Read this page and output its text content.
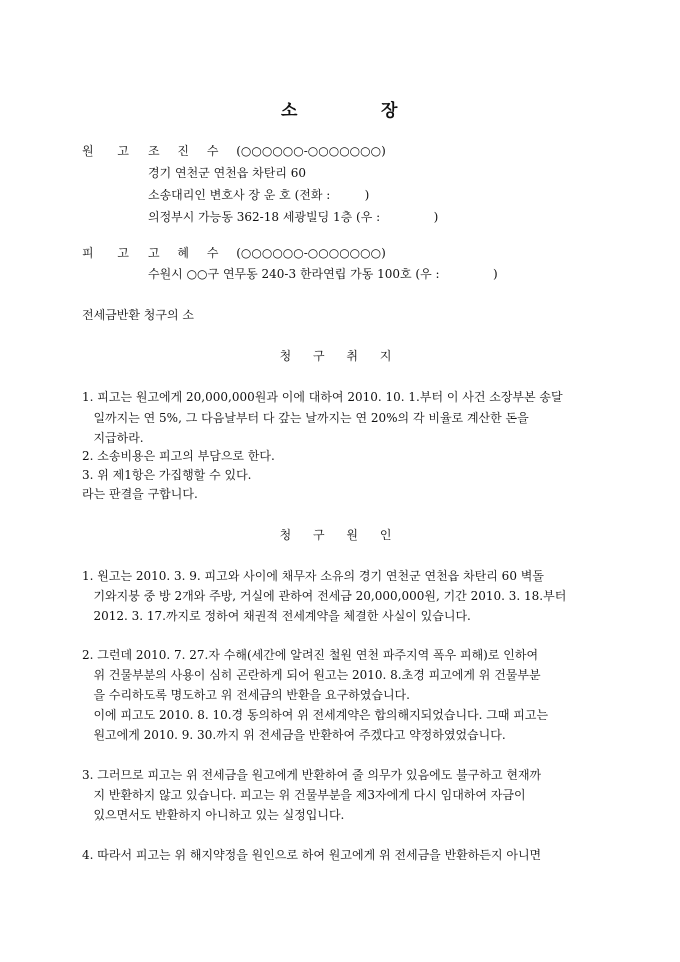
소	장
원 고 조 진 수 (○○○○○○-○○○○○○○)
경기 연천군 연천읍 차탄리 60
소송대리인 변호사 장 운 호 (전화 :         )
의정부시 가능동 362-18 세광빌딩 1층 (우 :              )
피 고 고 혜 수 (○○○○○○-○○○○○○○)
수원시 ○○구 연무동 240-3 한라연립 가동 100호 (우 :              )
전세금반환 청구의 소
청 구 취 지
1. 피고는 원고에게 20,000,000원과 이에 대하여 2010. 10. 1.부터 이 사건 소장부본 송달
일까지는 연 5%, 그 다음날부터 다 갚는 날까지는 연 20%의 각 비율로 계산한 돈을
지급하라.
2. 소송비용은 피고의 부담으로 한다.
3. 위 제1항은 가집행할 수 있다.
라는 판결을 구합니다.
청 구 원 인
1. 원고는 2010. 3. 9. 피고와 사이에 채무자 소유의 경기 연천군 연천읍 차탄리 60 벽돌
기와지붕 중 방 2개와 주방, 거실에 관하여 전세금 20,000,000원, 기간 2010. 3. 18.부터
2012. 3. 17.까지로 정하여 채권적 전세계약을 체결한 사실이 있습니다.
2. 그런데 2010. 7. 27.자 수해(세간에 알려진 철원 연천 파주지역 폭우 피해)로 인하여
위 건물부분의 사용이 심히 곤란하게 되어 원고는 2010. 8.초경 피고에게 위 건물부분
을 수리하도록 명도하고 위 전세금의 반환을 요구하였습니다.
이에 피고도 2010. 8. 10.경 동의하여 위 전세계약은 합의해지되었습니다. 그때 피고는
원고에게 2010. 9. 30.까지 위 전세금을 반환하여 주겠다고 약정하였었습니다.
3. 그러므로 피고는 위 전세금을 원고에게 반환하여 줄 의무가 있음에도 불구하고 현재까
지 반환하지 않고 있습니다. 피고는 위 건물부분을 제3자에게 다시 임대하여 자금이
있으면서도 반환하지 아니하고 있는 실정입니다.
4. 따라서 피고는 위 해지약정을 원인으로 하여 원고에게 위 전세금을 반환하든지 아니면
